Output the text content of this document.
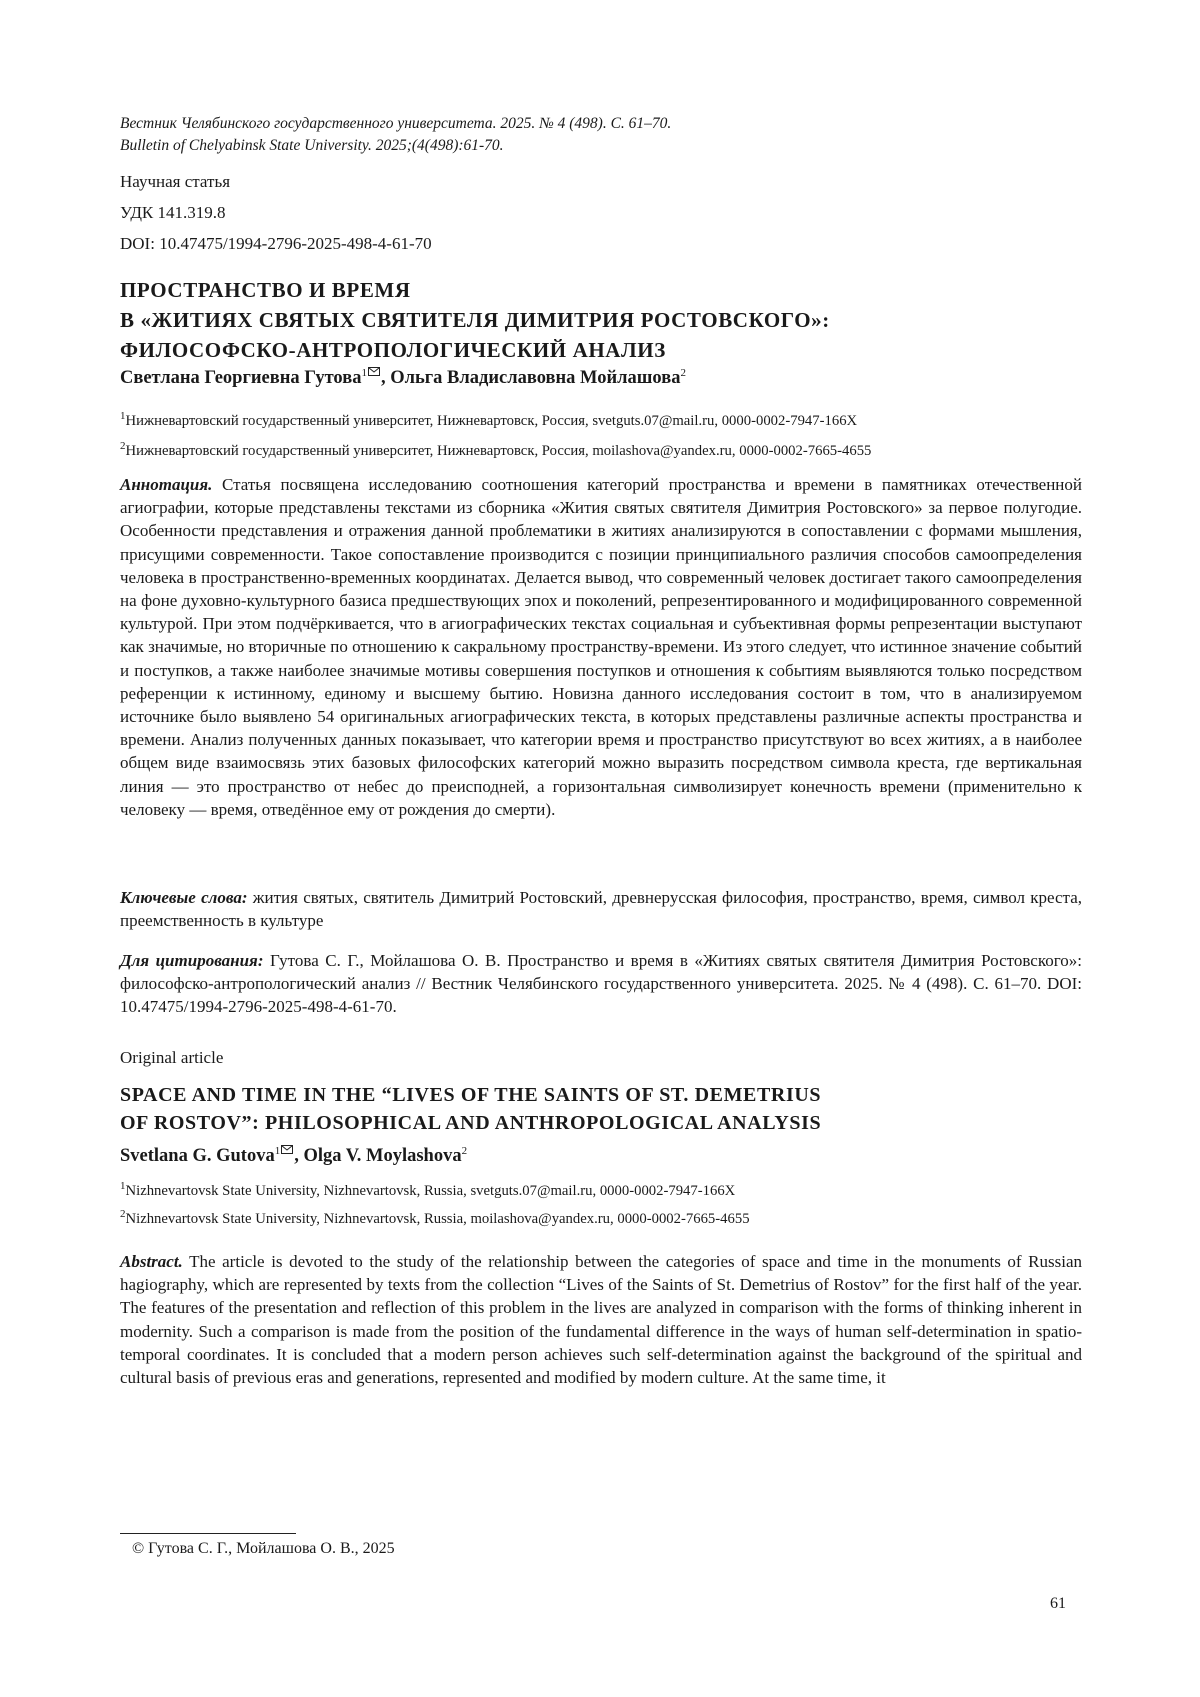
Вестник Челябинского государственного университета. 2025. № 4 (498). С. 61–70.
Bulletin of Chelyabinsk State University. 2025;(4(498):61-70.
Научная статья
УДК 141.319.8
DOI: 10.47475/1994-2796-2025-498-4-61-70
ПРОСТРАНСТВО И ВРЕМЯ
В «ЖИТИЯХ СВЯТЫХ СВЯТИТЕЛЯ ДИМИТРИЯ РОСТОВСКОГО»:
ФИЛОСОФСКО-АНТРОПОЛОГИЧЕСКИЙ АНАЛИЗ
Светлана Георгиевна Гутова$^1$ , Ольга Владиславовна Мойлашова$^2$
$^1$Нижневартовский государственный университет, Нижневартовск, Россия, svetguts.07@mail.ru, 0000-0002-7947-166X
$^2$Нижневартовский государственный университет, Нижневартовск, Россия, moilashova@yandex.ru, 0000-0002-7665-4655

Аннотация. Статья посвящена исследованию соотношения категорий пространства и времени в памятниках отечественной агиографии, которые представлены текстами из сборника «Жития святых святителя Димитрия Ростовского» за первое полугодие. Особенности представления и отражения данной проблематики в житиях анализируются в сопоставлении с формами мышления, присущими современности. Такое сопоставление производится с позиции принципиального различия способов самоопределения человека в пространственно-временных координатах. Делается вывод, что современный человек достигает такого самоопределения на фоне духовно-культурного базиса предшествующих эпох и поколений, репрезентированного и модифицированного современной культурой. При этом подчёркивается, что в агиографических текстах социальная и субъективная формы репрезентации выступают как значимые, но вторичные по отношению к сакральному пространству-времени. Из этого следует, что истинное значение событий и поступков, а также наиболее значимые мотивы совершения поступков и отношения к событиям выявляются только посредством референции к истинному, единому и высшему бытию. Новизна данного исследования состоит в том, что в анализируемом источнике было выявлено 54 оригинальных агиографических текста, в которых представлены различные аспекты пространства и времени. Анализ полученных данных показывает, что категории время и пространство присутствуют во всех житиях, а в наиболее общем виде взаимосвязь этих базовых философских категорий можно выразить посредством символа креста, где вертикальная линия — это пространство от небес до преисподней, а горизонтальная символизирует конечность времени (применительно к человеку — время, отведённое ему от рождения до смерти).

Ключевые слова: жития святых, святитель Димитрий Ростовский, древнерусская философия, пространство, время, символ креста, преемственность в культуре

Для цитирования: Гутова С. Г., Мойлашова О. В. Пространство и время в «Житиях святых святителя Димитрия Ростовского»: философско-антропологический анализ // Вестник Челябинского государственного университета. 2025. № 4 (498). С. 61–70. DOI: 10.47475/1994-2796-2025-498-4-61-70.

Original article
SPACE AND TIME IN THE “LIVES OF THE SAINTS OF ST. DEMETRIUS
OF ROSTOV”: PHILOSOPHICAL AND ANTHROPOLOGICAL ANALYSIS
Svetlana G. Gutova$^1$ , Olga V. Moylashova$^2$
$^1$Nizhnevartovsk State University, Nizhnevartovsk, Russia, svetguts.07@mail.ru, 0000-0002-7947-166X
$^2$Nizhnevartovsk State University, Nizhnevartovsk, Russia, moilashova@yandex.ru, 0000-0002-7665-4655

Abstract. The article is devoted to the study of the relationship between the categories of space and time in the monuments of Russian hagiography, which are represented by texts from the collection “Lives of the Saints of St. Demetrius of Rostov” for the first half of the year. The features of the presentation and reflection of this problem in the lives are analyzed in comparison with the forms of thinking inherent in modernity. Such a comparison is made from the position of the fundamental difference in the ways of human self-determination in spatio-temporal coordinates. It is concluded that a modern person achieves such self-determination against the background of the spiritual and cultural basis of previous eras and generations, represented and modified by modern culture. At the same time, it

© Гутова С. Г., Мойлашова О. В., 2025
61
